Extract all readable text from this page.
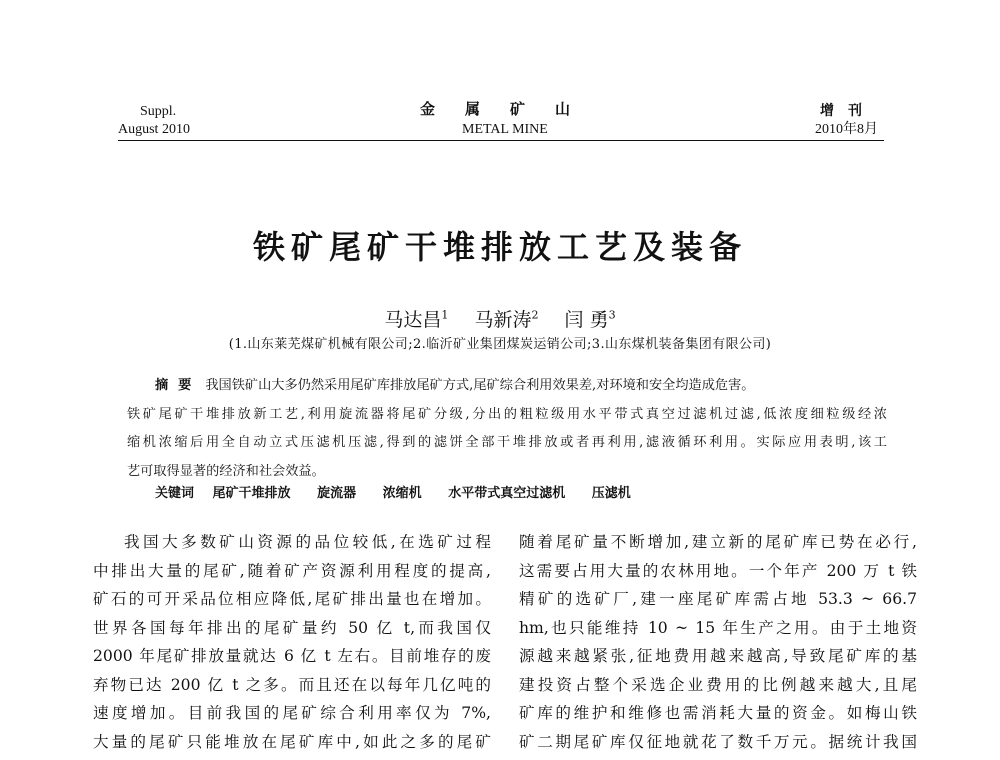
Suppl.
August 2010
金属矿山
METAL MINE
增刊
2010年8月
铁矿尾矿干堆排放工艺及装备
马达昌$^1$ 马新涛$^2$ 闫 勇$^3$
(1.山东莱芜煤矿机械有限公司;2.临沂矿业集团煤炭运销公司;3.山东煤机装备集团有限公司)
摘要 我国铁矿山大多仍然采用尾矿库排放尾矿方式,尾矿综合利用效果差,对环境和安全均造成危害。
铁矿尾矿干堆排放新工艺,利用旋流器将尾矿分级,分出的粗粒级用水平带式真空过滤机过滤,低浓度细粒级经浓
缩机浓缩后用全自动立式压滤机压滤,得到的滤饼全部干堆排放或者再利用,滤液循环利用。实际应用表明,该工
艺可取得显著的经济和社会效益。
关键词 尾矿干堆排放 旋流器 浓缩机 水平带式真空过滤机 压滤机
我国大多数矿山资源的品位较低,在选矿过程
中排出大量的尾矿,随着矿产资源利用程度的提高,
矿石的可开采品位相应降低,尾矿排出量也在增加。
世界各国每年排出的尾矿量约 50 亿 t,而我国仅
2000 年尾矿排放量就达 6 亿 t 左右。目前堆存的废
弃物已达 200 亿 t 之多。而且还在以每年几亿吨的
速度增加。目前我国的尾矿综合利用率仅为 7%,
大量的尾矿只能堆放在尾矿库中,如此之多的尾矿
随着尾矿量不断增加,建立新的尾矿库已势在必行,
这需要占用大量的农林用地。一个年产 200 万 t 铁
精矿的选矿厂,建一座尾矿库需占地 53.3 ~ 66.7
hm,也只能维持 10 ~ 15 年生产之用。由于土地资
源越来越紧张,征地费用越来越高,导致尾矿库的基
建投资占整个采选企业费用的比例越来越大,且尾
矿库的维护和维修也需消耗大量的资金。如梅山铁
矿二期尾矿库仅征地就花了数千万元。据统计我国
